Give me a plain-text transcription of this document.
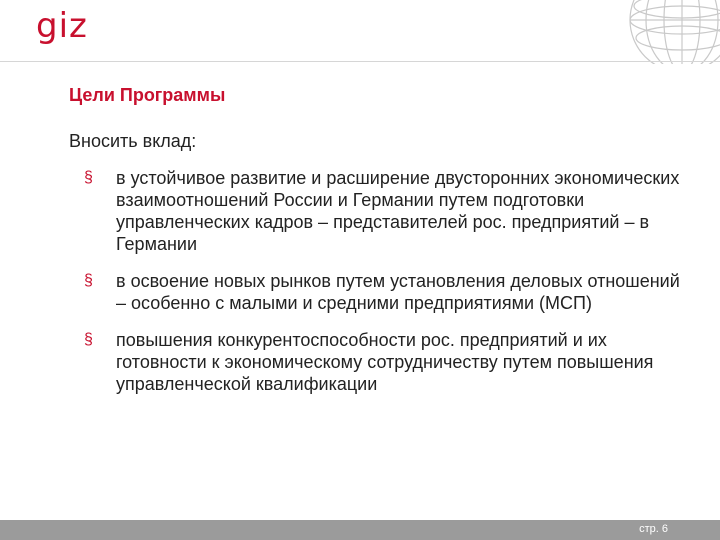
giz
Цели Программы

Вносить вклад:

§ в устойчивое развитие и расширение двусторонних экономических взаимоотношений России и Германии путем подготовки управленческих кадров – представителей рос. предприятий – в Германии

§ в освоение новых рынков путем установления деловых отношений – особенно с малыми и средними предприятиями (МСП)

§ повышения конкурентоспособности рос. предприятий и их готовности к экономическому сотрудничеству путем повышения управленческой квалификации

стр. 6
